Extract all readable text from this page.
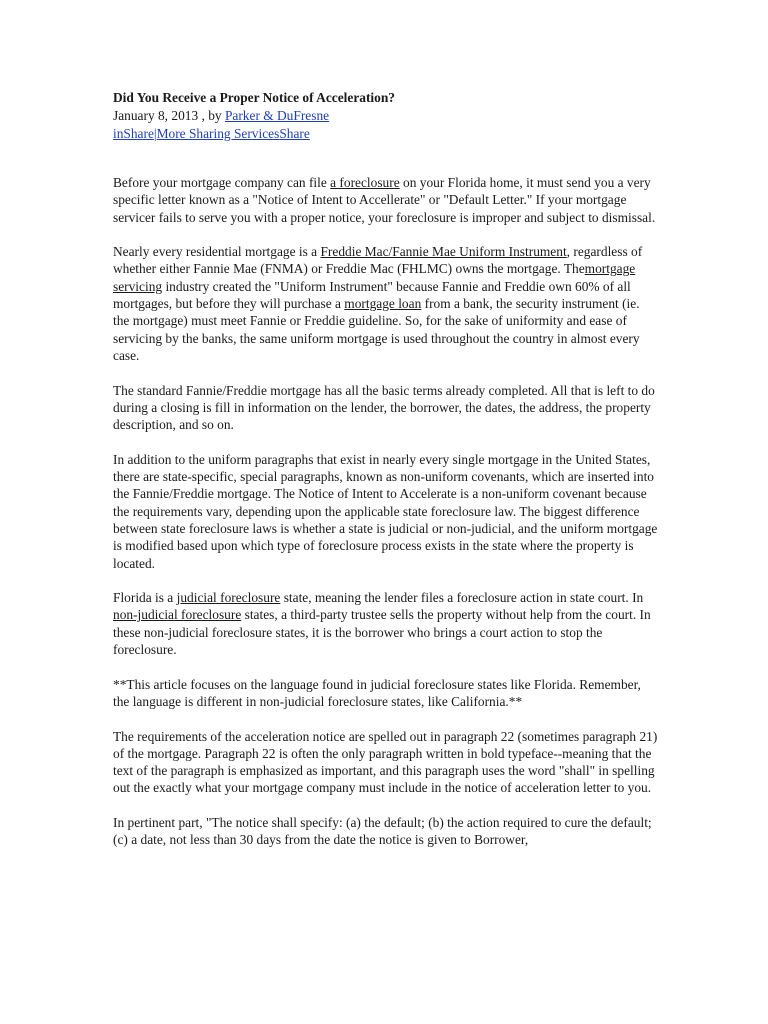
Did You Receive a Proper Notice of Acceleration?

January 8, 2013 , by Parker & DuFresne

inShare|More Sharing ServicesShare

Before your mortgage company can file a foreclosure on your Florida home, it must send you a very specific letter known as a "Notice of Intent to Accellerate" or "Default Letter." If your mortgage servicer fails to serve you with a proper notice, your foreclosure is improper and subject to dismissal.

Nearly every residential mortgage is a Freddie Mac/Fannie Mae Uniform Instrument, regardless of whether either Fannie Mae (FNMA) or Freddie Mac (FHLMC) owns the mortgage. Themortgage servicing industry created the "Uniform Instrument" because Fannie and Freddie own 60% of all mortgages, but before they will purchase a mortgage loan from a bank, the security instrument (ie. the mortgage) must meet Fannie or Freddie guideline. So, for the sake of uniformity and ease of servicing by the banks, the same uniform mortgage is used throughout the country in almost every case.

The standard Fannie/Freddie mortgage has all the basic terms already completed. All that is left to do during a closing is fill in information on the lender, the borrower, the dates, the address, the property description, and so on.

In addition to the uniform paragraphs that exist in nearly every single mortgage in the United States, there are state-specific, special paragraphs, known as non-uniform covenants, which are inserted into the Fannie/Freddie mortgage. The Notice of Intent to Accelerate is a non-uniform covenant because the requirements vary, depending upon the applicable state foreclosure law. The biggest difference between state foreclosure laws is whether a state is judicial or non-judicial, and the uniform mortgage is modified based upon which type of foreclosure process exists in the state where the property is located.

Florida is a judicial foreclosure state, meaning the lender files a foreclosure action in state court. In non-judicial foreclosure states, a third-party trustee sells the property without help from the court. In these non-judicial foreclosure states, it is the borrower who brings a court action to stop the foreclosure.

**This article focuses on the language found in judicial foreclosure states like Florida. Remember, the language is different in non-judicial foreclosure states, like California.**

The requirements of the acceleration notice are spelled out in paragraph 22 (sometimes paragraph 21) of the mortgage. Paragraph 22 is often the only paragraph written in bold typeface--meaning that the text of the paragraph is emphasized as important, and this paragraph uses the word "shall" in spelling out the exactly what your mortgage company must include in the notice of acceleration letter to you.

In pertinent part, "The notice shall specify: (a) the default; (b) the action required to cure the default; (c) a date, not less than 30 days from the date the notice is given to Borrower,
